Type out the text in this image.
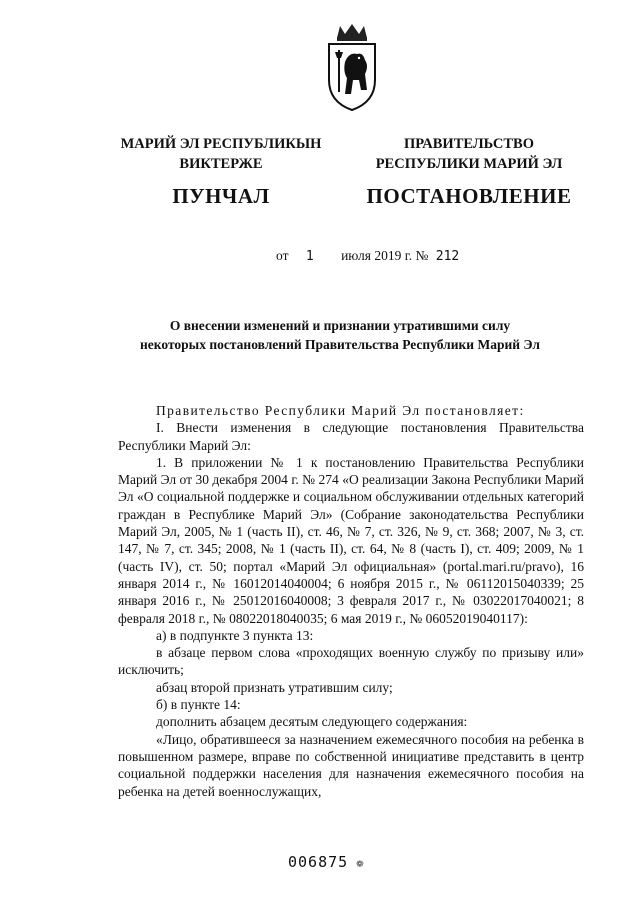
МАРИЙ ЭЛ РЕСПУБЛИКЫН
ВИКТЕРЖЕ
ПУНЧАЛ
ПРАВИТЕЛЬСТВО
РЕСПУБЛИКИ МАРИЙ ЭЛ
ПОСТАНОВЛЕНИЕ
от 1 июля 2019 г. № 212
О внесении изменений и признании утратившими силу
некоторых постановлений Правительства Республики Марий Эл

Правительство Республики Марий Эл постановляет:

I. Внести изменения в следующие постановления Правительства Республики Марий Эл:

1. В приложении № 1 к постановлению Правительства Республики Марий Эл от 30 декабря 2004 г. № 274 «О реализации Закона Республики Марий Эл «О социальной поддержке и социальном обслуживании отдельных категорий граждан в Республике Марий Эл» (Собрание законодательства Республики Марий Эл, 2005, № 1 (часть II), ст. 46, № 7, ст. 326, № 9, ст. 368; 2007, № 3, ст. 147, № 7, ст. 345; 2008, № 1 (часть II), ст. 64, № 8 (часть I), ст. 409; 2009, № 1 (часть IV), ст. 50; портал «Марий Эл официальная» (portal.mari.ru/pravo), 16 января 2014 г., № 16012014040004; 6 ноября 2015 г., № 06112015040339; 25 января 2016 г., № 25012016040008; 3 февраля 2017 г., № 03022017040021; 8 февраля 2018 г., № 08022018040035; 6 мая 2019 г., № 06052019040117):

а) в подпункте 3 пункта 13:

в абзаце первом слова «проходящих военную службу по призыву или» исключить;

абзац второй признать утратившим силу;

б) в пункте 14:

дополнить абзацем десятым следующего содержания:

«Лицо, обратившееся за назначением ежемесячного пособия на ребенка в повышенном размере, вправе по собственной инициативе представить в центр социальной поддержки населения для назначения ежемесячного пособия на ребенка на детей военнослужащих,

006875 ❁
